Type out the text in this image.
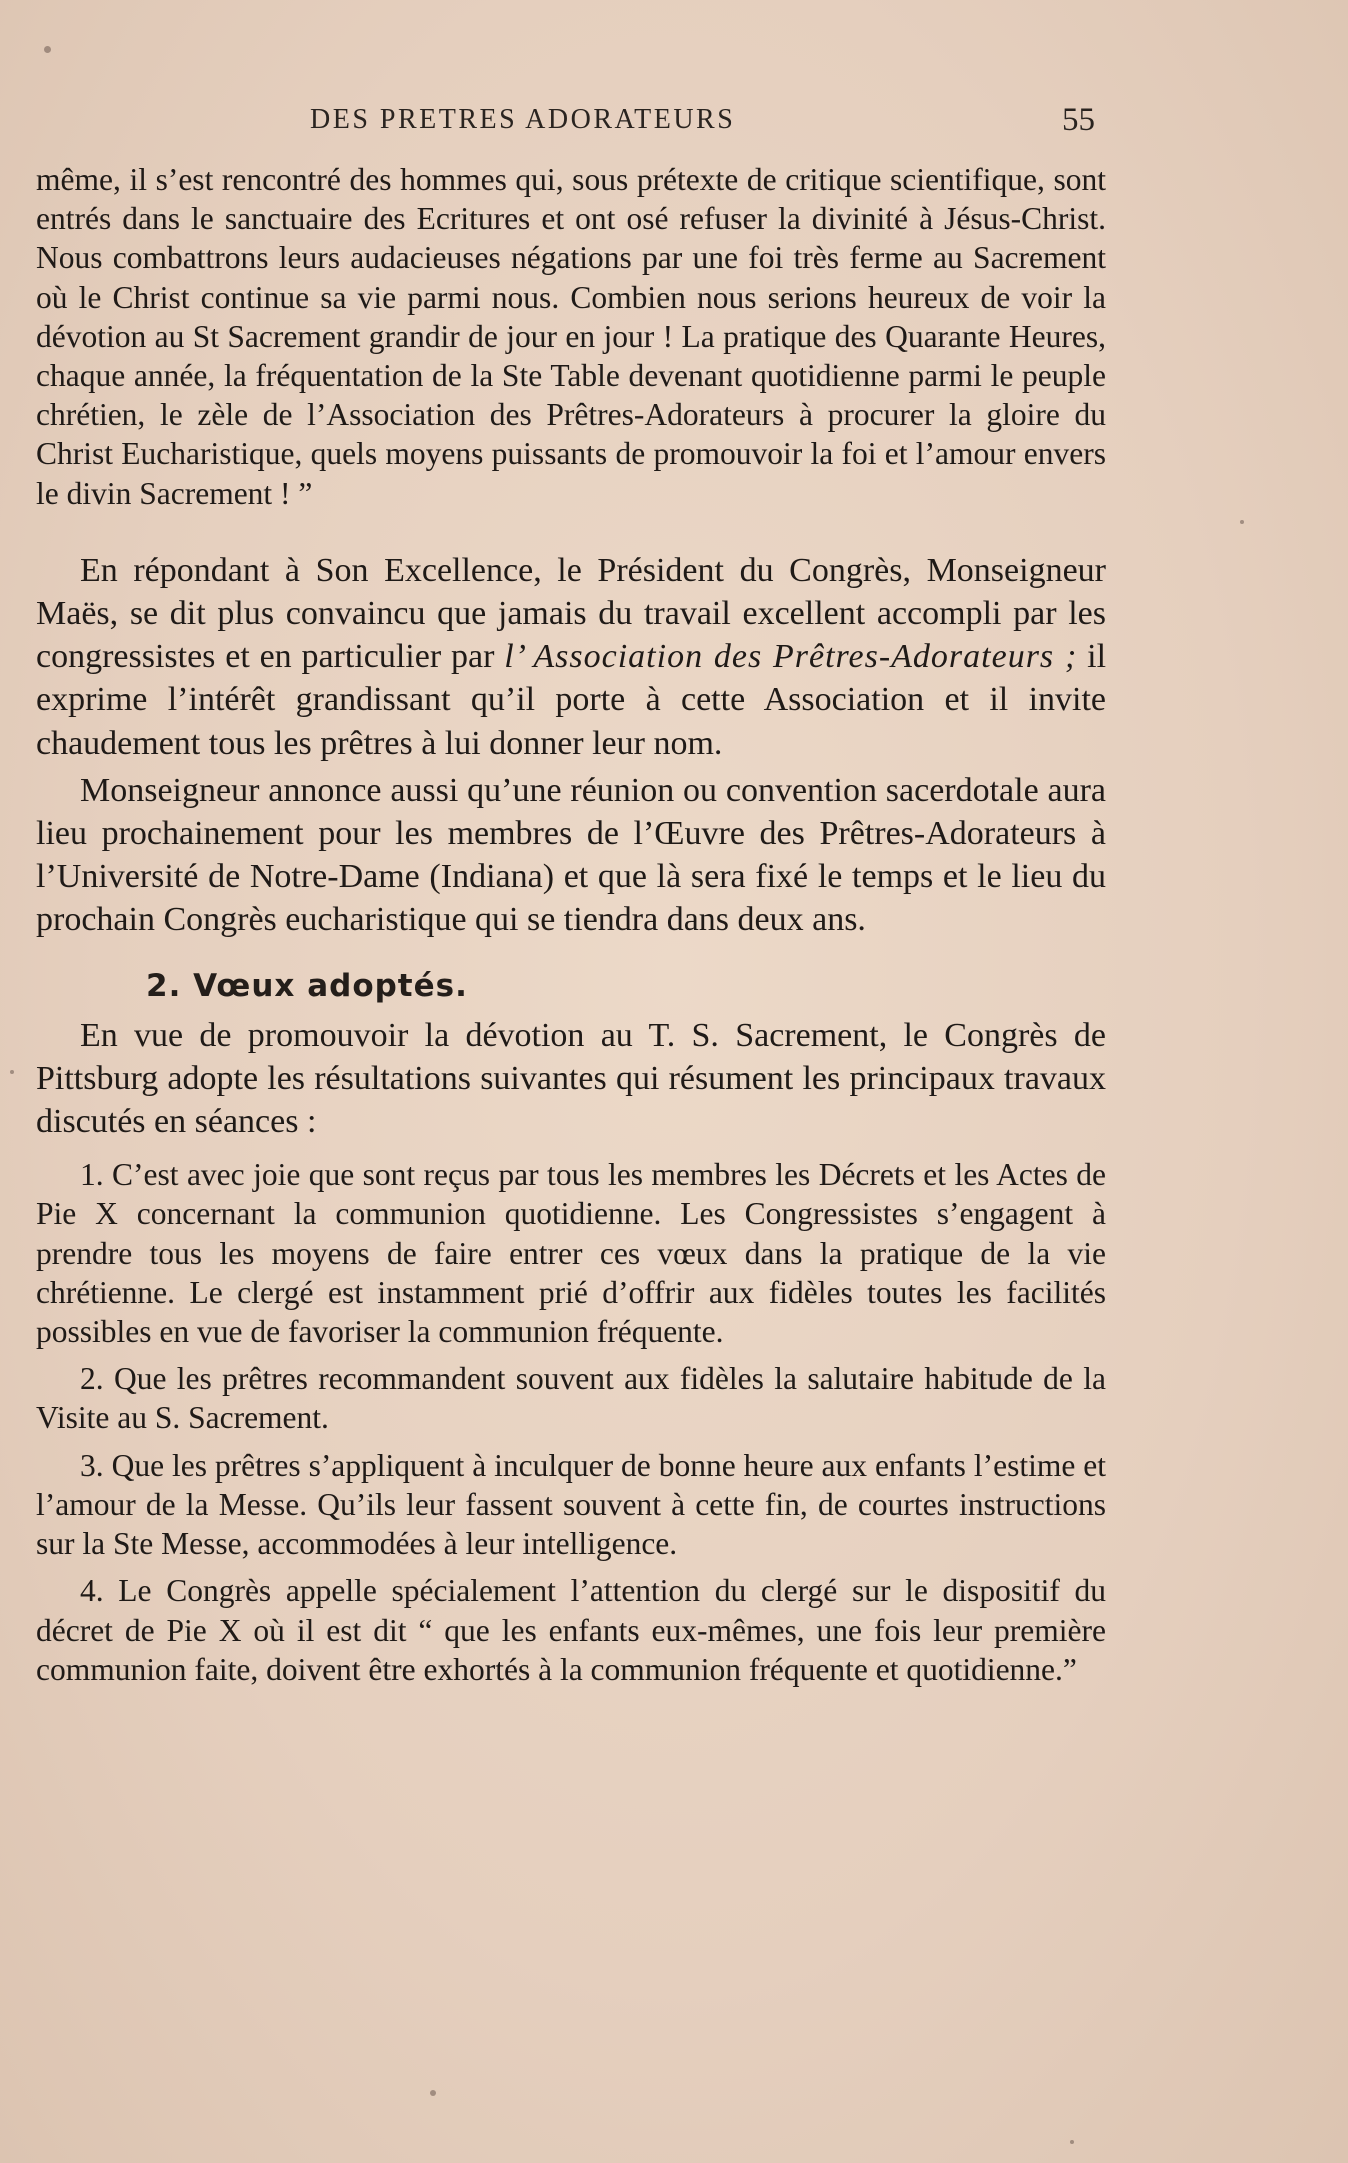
DES PRETRES ADORATEURS	55

même, il s’est rencontré des hommes qui, sous prétexte de critique scientifique, sont entrés dans le sanctuaire des Ecritures et ont osé refuser la divinité à Jésus-Christ. Nous combattrons leurs audacieuses négations par une foi très ferme au Sacrement où le Christ continue sa vie parmi nous. Combien nous serions heureux de voir la dévotion au St Sacrement grandir de jour en jour ! La pratique des Quarante Heures, chaque année, la fréquentation de la Ste Table devenant quotidienne parmi le peuple chrétien, le zèle de l’Association des Prêtres-Adorateurs à procurer la gloire du Christ Eucharistique, quels moyens puissants de promouvoir la foi et l’amour envers le divin Sacrement ! ”

En répondant à Son Excellence, le Président du Congrès, Monseigneur Maës, se dit plus convaincu que jamais du travail excellent accompli par les congressistes et en particulier par l’ Association des Prêtres-Adorateurs ; il exprime l’intérêt grandissant qu’il porte à cette Association et il invite chaudement tous les prêtres à lui donner leur nom.

Monseigneur annonce aussi qu’une réunion ou convention sacerdotale aura lieu prochainement pour les membres de l’Œuvre des Prêtres-Adorateurs à l’Université de Notre-Dame (Indiana) et que là sera fixé le temps et le lieu du prochain Congrès eucharistique qui se tiendra dans deux ans.

2. Vœux adoptés.

En vue de promouvoir la dévotion au T. S. Sacrement, le Congrès de Pittsburg adopte les résultations suivantes qui résument les principaux travaux discutés en séances :

1. C’est avec joie que sont reçus par tous les membres les Décrets et les Actes de Pie X concernant la communion quotidienne. Les Congressistes s’engagent à prendre tous les moyens de faire entrer ces vœux dans la pratique de la vie chrétienne. Le clergé est instamment prié d’offrir aux fidèles toutes les facilités possibles en vue de favoriser la communion fréquente.

2. Que les prêtres recommandent souvent aux fidèles la salutaire habitude de la Visite au S. Sacrement.

3. Que les prêtres s’appliquent à inculquer de bonne heure aux enfants l’estime et l’amour de la Messe. Qu’ils leur fassent souvent à cette fin, de courtes instructions sur la Ste Messe, accommodées à leur intelligence.

4. Le Congrès appelle spécialement l’attention du clergé sur le dispositif du décret de Pie X où il est dit “ que les enfants eux-mêmes, une fois leur première communion faite, doivent être exhortés à la communion fréquente et quotidienne.”
